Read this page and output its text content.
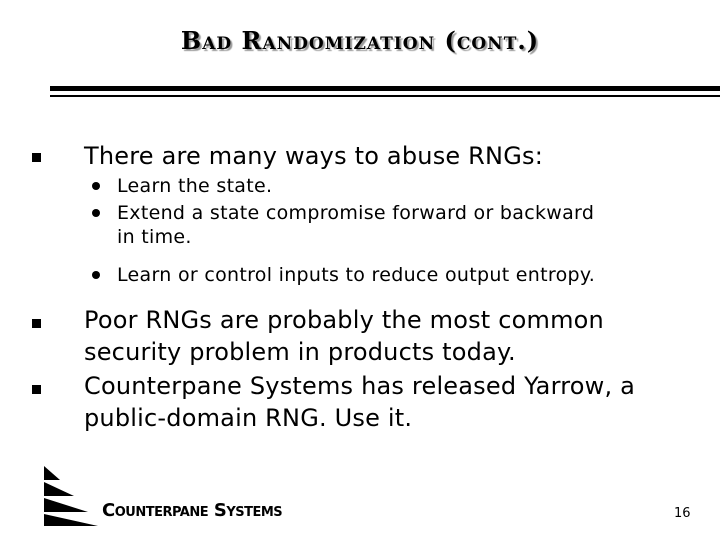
Bad Randomization (cont.)
There are many ways to abuse RNGs:
Learn the state.
Extend a state compromise forward or backward
in time.
Learn or control inputs to reduce output entropy.
Poor RNGs are probably the most common
security problem in products today.
Counterpane Systems has released Yarrow, a
public-domain RNG. Use it.
Counterpane Systems	16
